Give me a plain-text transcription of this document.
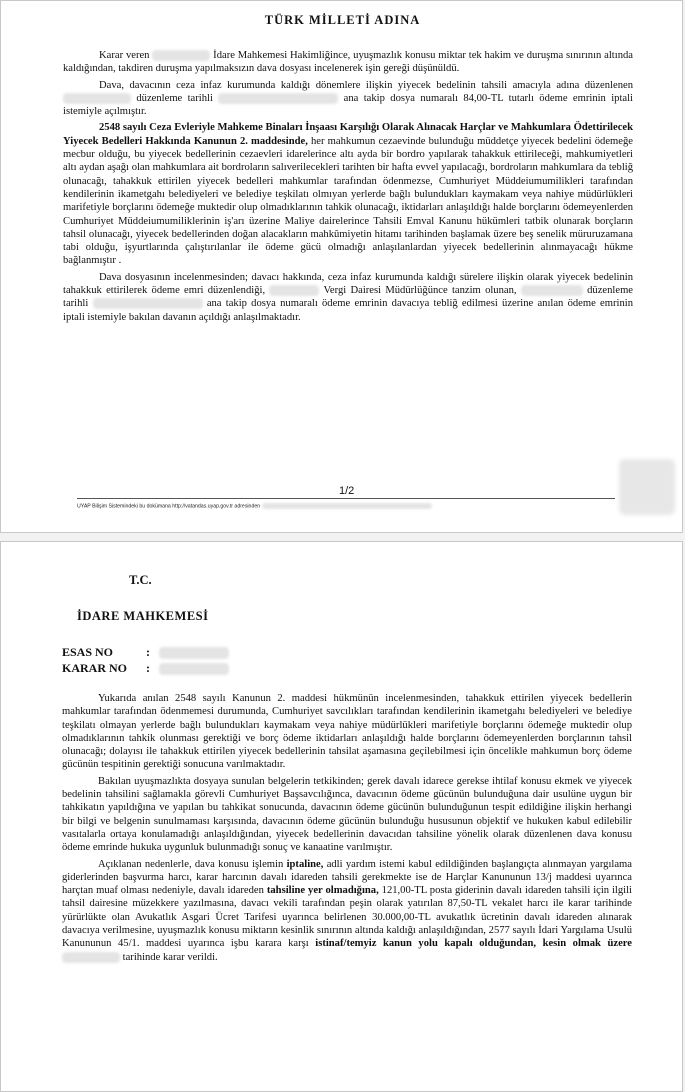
TÜRK MİLLETİ ADINA

Karar veren	İdare Mahkemesi Hakimliğince, uyuşmazlık konusu miktar tek hakim ve duruşma sınırının altında kaldığından, takdiren duruşma yapılmaksızın dava dosyası incelenerek işin gereği düşünüldü.

Dava, davacının ceza infaz kurumunda kaldığı dönemlere ilişkin yiyecek bedelinin tahsili amacıyla adına düzenlenen  düzenleme tarihli	ana takip dosya numaralı 84,00-TL tutarlı ödeme emrinin iptali istemiyle açılmıştır.

2548 sayılı Ceza Evleriyle Mahkeme Binaları İnşaası Karşılığı Olarak Alınacak Harçlar ve Mahkumlara Ödettirilecek Yiyecek Bedelleri Hakkında Kanunun 2. maddesinde, her mahkumun cezaevinde bulunduğu müddetçe yiyecek bedelini ödemeğe mecbur olduğu, bu yiyecek bedellerinin cezaevleri idarelerince altı ayda bir bordro yapılarak tahakkuk ettirileceği, mahkumiyetleri altı aydan aşağı olan mahkumlara ait bordroların salıverilecekleri tarihten bir hafta evvel yapılacağı, bordroların mahkumlara da tebliğ olunacağı, tahakkuk ettirilen yiyecek bedelleri mahkumlar tarafından ödenmezse, Cumhuriyet Müddeiumumilikleri tarafından kendilerinin ikametgahı belediyeleri ve belediye teşkilatı olmıyan yerlerde bağlı bulundukları kaymakam veya nahiye müdürlükleri marifetiyle borçlarını ödemeğe muktedir olup olmadıklarının tahkik olunacağı, iktidarları anlaşıldığı halde borçlarını ödemeyenlerden Cumhuriyet Müddeiumumiliklerinin iş'arı üzerine Maliye dairelerince Tahsili Emval Kanunu hükümleri tatbik olunarak borçların tahsil olunacağı, yiyecek bedellerinden doğan alacakların mahkûmiyetin hitamı tarihinden başlamak üzere beş senelik müruruzamana tabi olduğu, işyurtlarında çalıştırılanlar ile ödeme gücü olmadığı anlaşılanlardan yiyecek bedellerinin alınmayacağı hükme bağlanmıştır .

Dava dosyasının incelenmesinden; davacı hakkında, ceza infaz kurumunda kaldığı sürelere ilişkin olarak yiyecek bedelinin tahakkuk ettirilerek ödeme emri düzenlendiği,	Vergi Dairesi Müdürlüğünce tanzim olunan,	düzenleme tarihli	ana takip dosya numaralı ödeme emrinin davacıya tebliğ edilmesi üzerine anılan ödeme emrinin iptali istemiyle bakılan davanın açıldığı anlaşılmaktadır.

1/2
UYAP Bilişim Sistemindeki bu dokümana http://vatandas.uyap.gov.tr adresinden
T.C.
İDARE MAHKEMESİ
ESAS NO	:
KARAR NO :

Yukarıda anılan 2548 sayılı Kanunun 2. maddesi hükmünün incelenmesinden, tahakkuk ettirilen yiyecek bedellerin mahkumlar tarafından ödenmemesi durumunda, Cumhuriyet savcılıkları tarafından kendilerinin ikametgahı belediyeleri ve belediye teşkilatı olmayan yerlerde bağlı bulundukları kaymakam veya nahiye müdürlükleri marifetiyle borçlarını ödemeğe muktedir olup olmadıklarının tahkik olunması gerektiği ve borç ödeme iktidarları anlaşıldığı halde borçlarını ödemeyenlerden borçlarının tahsil olunacağı; dolayısı ile tahakkuk ettirilen yiyecek bedellerinin tahsilat aşamasına geçilebilmesi için öncelikle mahkumun borç ödeme gücünün tespitinin gerektiği sonucuna varılmaktadır.

Bakılan uyuşmazlıkta dosyaya sunulan belgelerin tetkikinden; gerek davalı idarece gerekse ihtilaf konusu ekmek ve yiyecek bedelinin tahsilini sağlamakla görevli Cumhuriyet Başsavcılığınca, davacının ödeme gücünün bulunduğuna dair usulüne uygun bir tahkikatın yapıldığına ve yapılan bu tahkikat sonucunda, davacının ödeme gücünün bulunduğunun tespit edildiğine ilişkin herhangi bir bilgi ve belgenin sunulmaması karşısında, davacının ödeme gücünün bulunduğu hususunun objektif ve hukuken kabul edilebilir vasıtalarla ortaya konulamadığı anlaşıldığından, yiyecek bedellerinin davacıdan tahsiline yönelik olarak düzenlenen dava konusu ödeme emrinde hukuka uygunluk bulunmadığı sonuç ve kanaatine varılmıştır.

Açıklanan nedenlerle, dava konusu işlemin iptaline, adli yardım istemi kabul edildiğinden başlangıçta alınmayan yargılama giderlerinden başvurma harcı, karar harcının davalı idareden tahsili gerekmekte ise de Harçlar Kanununun 13/j maddesi uyarınca harçtan muaf olması nedeniyle, davalı idareden tahsiline yer olmadığına, 121,00-TL posta giderinin davalı idareden tahsili için ilgili tahsil dairesine müzekkere yazılmasına, davacı vekili tarafından peşin olarak yatırılan 87,50-TL vekalet harcı ile karar tarihinde yürürlükte olan Avukatlık Asgari Ücret Tarifesi uyarınca belirlenen 30.000,00-TL avukatlık ücretinin davalı idareden alınarak davacıya verilmesine, uyuşmazlık konusu miktarın kesinlik sınırının altında kaldığı anlaşıldığından, 2577 sayılı İdari Yargılama Usulü Kanununun 45/1. maddesi uyarınca işbu karara karşı istinaf/temyiz kanun yolu kapalı olduğundan, kesin olmak üzere  tarihinde karar verildi.
